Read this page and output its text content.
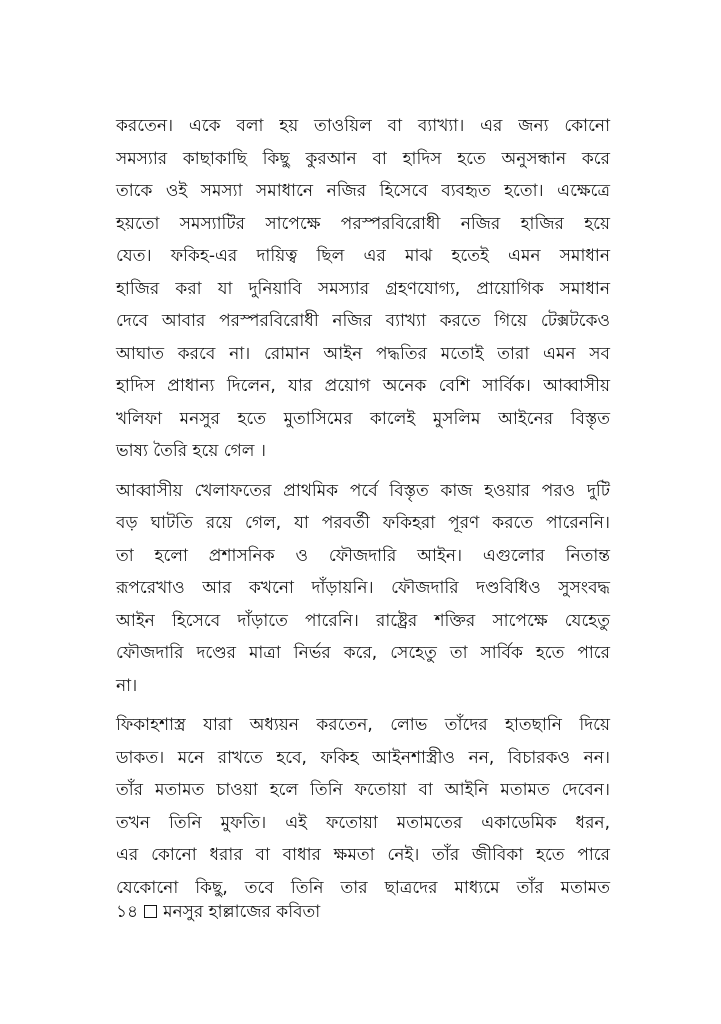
করতেন। একে বলা হয় তাওয়িল বা ব্যাখ্যা। এর জন্য কোনো
সমস্যার কাছাকাছি কিছু কুরআন বা হাদিস হতে অনুসন্ধান করে
তাকে ওই সমস্যা সমাধানে নজির হিসেবে ব্যবহৃত হতো। এক্ষেত্রে
হয়তো সমস্যাটির সাপেক্ষে পরস্পরবিরোধী নজির হাজির হয়ে
যেত। ফকিহ-এর দায়িত্ব ছিল এর মাঝ হতেই এমন সমাধান
হাজির করা যা দুনিয়াবি সমস্যার গ্রহণযোগ্য, প্রায়োগিক সমাধান
দেবে আবার পরস্পরবিরোধী নজির ব্যাখ্যা করতে গিয়ে টেক্সটকেও
আঘাত করবে না। রোমান আইন পদ্ধতির মতোই তারা এমন সব
হাদিস প্রাধান্য দিলেন, যার প্রয়োগ অনেক বেশি সার্বিক। আব্বাসীয়
খলিফা মনসুর হতে মুতাসিমের কালেই মুসলিম আইনের বিস্তৃত
ভাষ্য তৈরি হয়ে গেল ।
আব্বাসীয় খেলাফতের প্রাথমিক পর্বে বিস্তৃত কাজ হওয়ার পরও দুটি
বড় ঘাটতি রয়ে গেল, যা পরবর্তী ফকিহরা পূরণ করতে পারেননি।
তা হলো প্রশাসনিক ও ফৌজদারি আইন। এগুলোর নিতান্ত
রূপরেখাও আর কখনো দাঁড়ায়নি। ফৌজদারি দণ্ডবিধিও সুসংবদ্ধ
আইন হিসেবে দাঁড়াতে পারেনি। রাষ্ট্রের শক্তির সাপেক্ষে যেহেতু
ফৌজদারি দণ্ডের মাত্রা নির্ভর করে, সেহেতু তা সার্বিক হতে পারে
না।
ফিকাহশাস্ত্র যারা অধ্যয়ন করতেন, লোভ তাঁদের হাতছানি দিয়ে
ডাকত। মনে রাখতে হবে, ফকিহ আইনশাস্ত্রীও নন, বিচারকও নন।
তাঁর মতামত চাওয়া হলে তিনি ফতোয়া বা আইনি মতামত দেবেন।
তখন তিনি মুফতি। এই ফতোয়া মতামতের একাডেমিক ধরন,
এর কোনো ধরার বা বাধার ক্ষমতা নেই। তাঁর জীবিকা হতে পারে
যেকোনো কিছু, তবে তিনি তার ছাত্রদের মাধ্যমে তাঁর মতামত
১৪ মনসুর হাল্লাজের কবিতা
